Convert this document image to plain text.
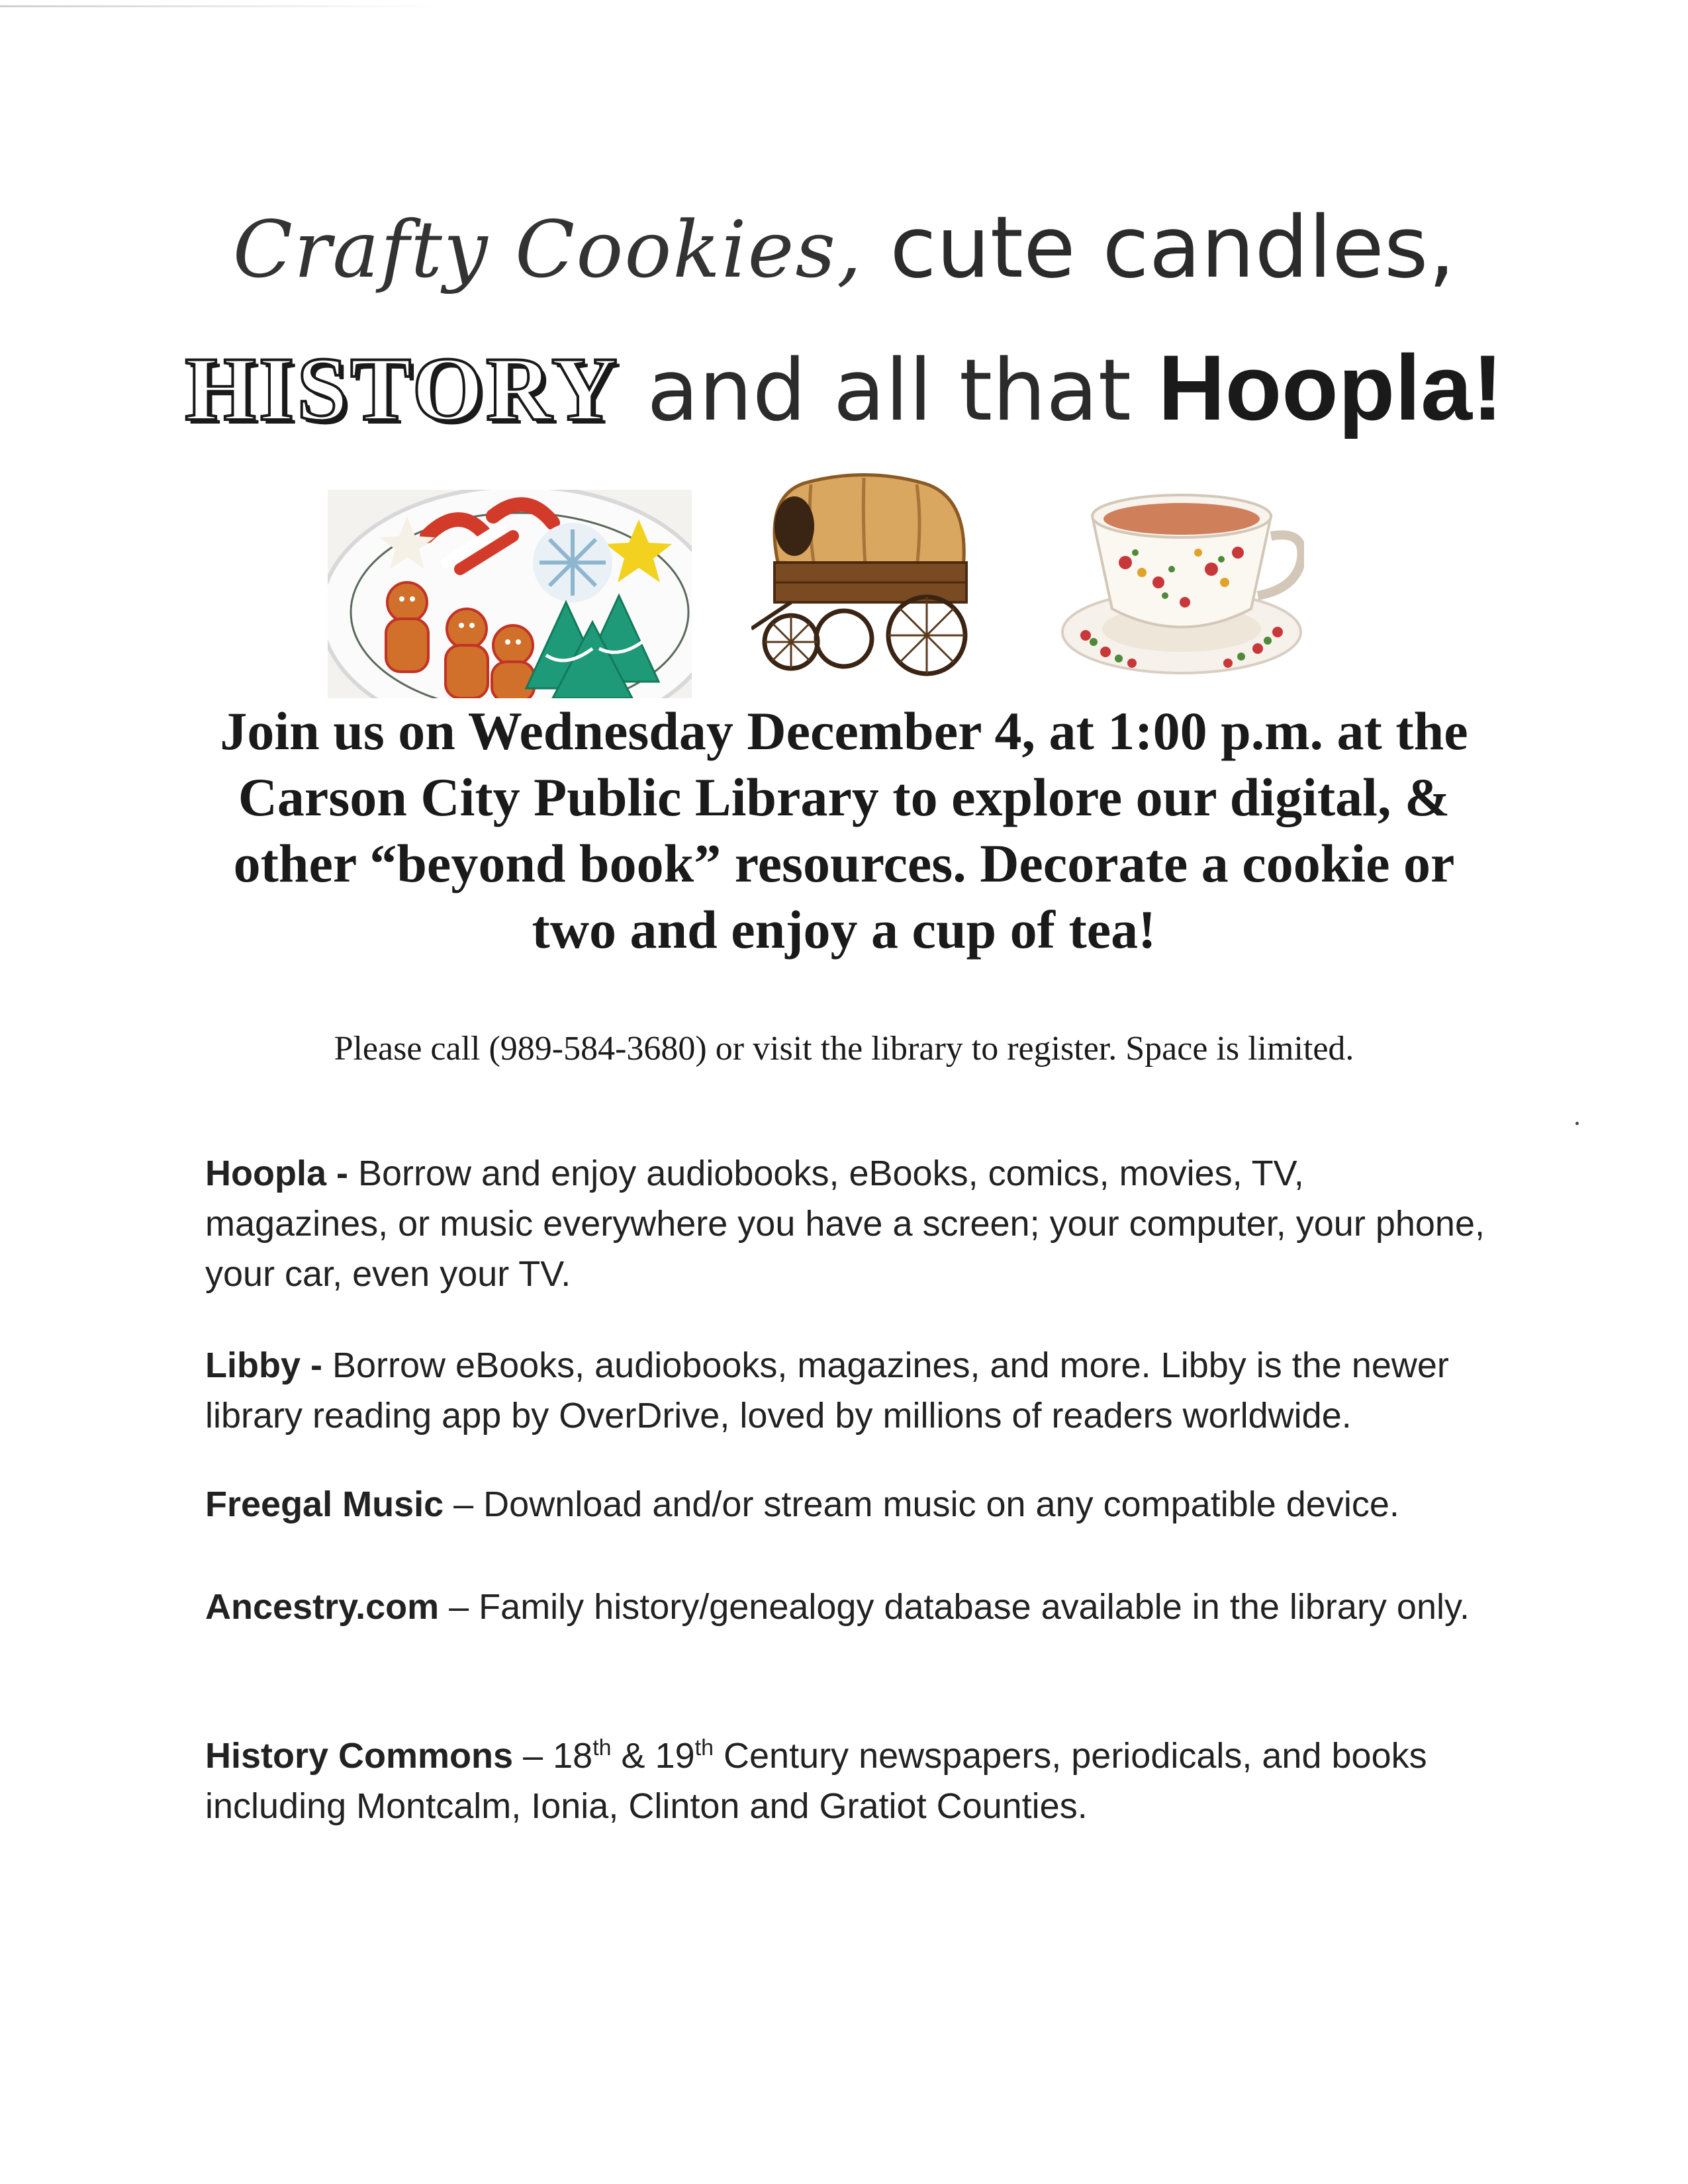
Crafty Cookies, cute candles,
HISTORY and all that Hoopla!
Join us on Wednesday December 4, at 1:00 p.m. at the Carson City Public Library to explore our digital, & other “beyond book” resources. Decorate a cookie or two and enjoy a cup of tea!
Please call (989-584-3680) or visit the library to register. Space is limited.
Hoopla - Borrow and enjoy audiobooks, eBooks, comics, movies, TV, magazines, or music everywhere you have a screen; your computer, your phone, your car, even your TV.
Libby - Borrow eBooks, audiobooks, magazines, and more. Libby is the newer library reading app by OverDrive, loved by millions of readers worldwide.
Freegal Music – Download and/or stream music on any compatible device.
Ancestry.com – Family history/genealogy database available in the library only.
History Commons – 18th & 19th Century newspapers, periodicals, and books including Montcalm, Ionia, Clinton and Gratiot Counties.
